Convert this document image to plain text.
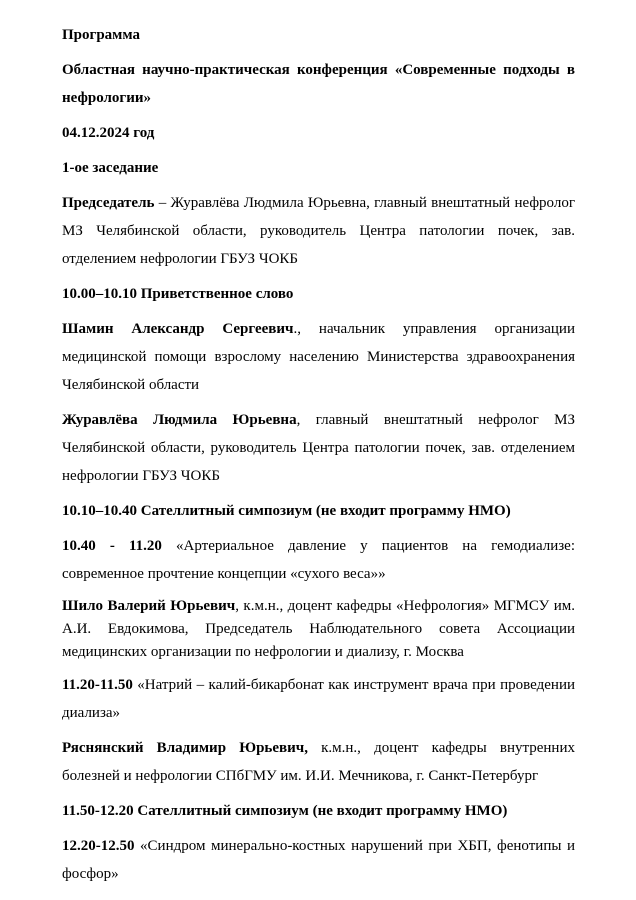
Программа

Областная научно-практическая конференция «Современные подходы в нефрологии»

04.12.2024 год

1-ое заседание

Председатель – Журавлёва Людмила Юрьевна, главный внештатный нефролог МЗ Челябинской области, руководитель Центра патологии почек, зав. отделением нефрологии ГБУЗ ЧОКБ

10.00–10.10 Приветственное слово

Шамин Александр Сергеевич., начальник управления организации медицинской помощи взрослому населению Министерства здравоохранения Челябинской области

Журавлёва Людмила Юрьевна, главный внештатный нефролог МЗ Челябинской области, руководитель Центра патологии почек, зав. отделением нефрологии ГБУЗ ЧОКБ

10.10–10.40 Сателлитный симпозиум (не входит программу НМО)

10.40 - 11.20 «Артериальное давление у пациентов на гемодиализе: современное прочтение концепции «сухого веса»»

Шило Валерий Юрьевич, к.м.н., доцент кафедры «Нефрология» МГМСУ им. А.И. Евдокимова, Председатель Наблюдательного совета Ассоциации медицинских организации по нефрологии и диализу, г. Москва

11.20-11.50 «Натрий – калий-бикарбонат как инструмент врача при проведении диализа»

Ряснянский Владимир Юрьевич, к.м.н., доцент кафедры внутренних болезней и нефрологии СПбГМУ им. И.И. Мечникова, г. Санкт-Петербург

11.50-12.20 Сателлитный симпозиум (не входит программу НМО)

12.20-12.50 «Синдром минерально-костных нарушений при ХБП, фенотипы и фосфор»
